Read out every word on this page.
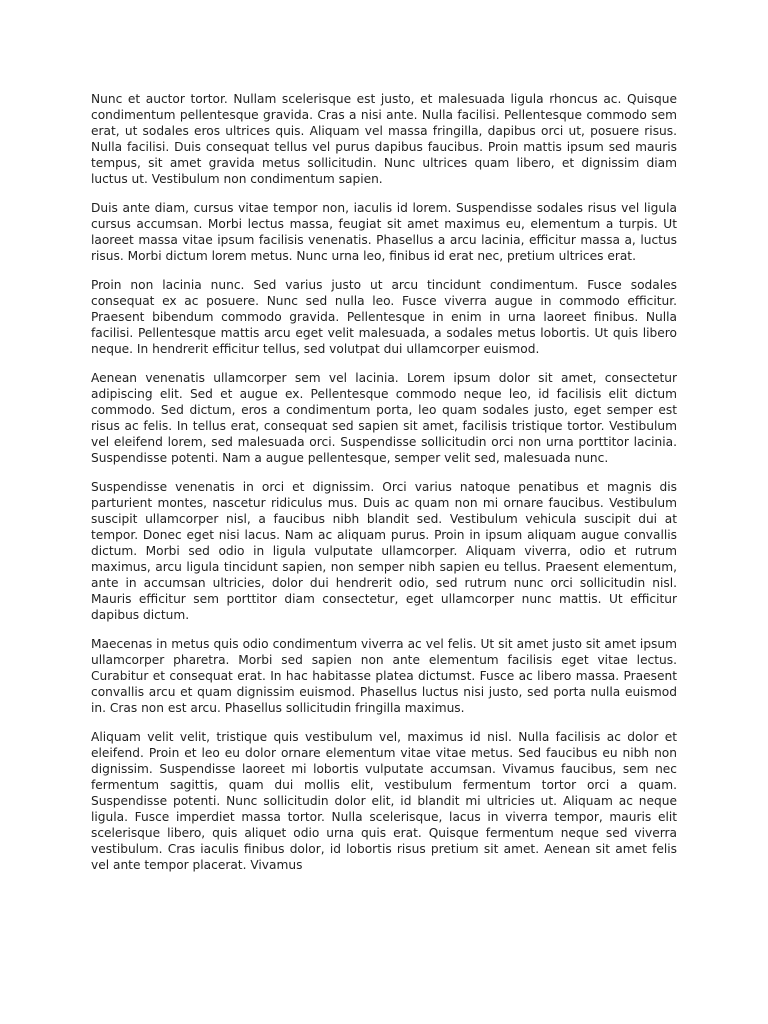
Nunc et auctor tortor. Nullam scelerisque est justo, et malesuada ligula rhoncus ac. Quisque condimentum pellentesque gravida. Cras a nisi ante. Nulla facilisi. Pellentesque commodo sem erat, ut sodales eros ultrices quis. Aliquam vel massa fringilla, dapibus orci ut, posuere risus. Nulla facilisi. Duis consequat tellus vel purus dapibus faucibus. Proin mattis ipsum sed mauris tempus, sit amet gravida metus sollicitudin. Nunc ultrices quam libero, et dignissim diam luctus ut. Vestibulum non condimentum sapien.

Duis ante diam, cursus vitae tempor non, iaculis id lorem. Suspendisse sodales risus vel ligula cursus accumsan. Morbi lectus massa, feugiat sit amet maximus eu, elementum a turpis. Ut laoreet massa vitae ipsum facilisis venenatis. Phasellus a arcu lacinia, efficitur massa a, luctus risus. Morbi dictum lorem metus. Nunc urna leo, finibus id erat nec, pretium ultrices erat.

Proin non lacinia nunc. Sed varius justo ut arcu tincidunt condimentum. Fusce sodales consequat ex ac posuere. Nunc sed nulla leo. Fusce viverra augue in commodo efficitur. Praesent bibendum commodo gravida. Pellentesque in enim in urna laoreet finibus. Nulla facilisi. Pellentesque mattis arcu eget velit malesuada, a sodales metus lobortis. Ut quis libero neque. In hendrerit efficitur tellus, sed volutpat dui ullamcorper euismod.

Aenean venenatis ullamcorper sem vel lacinia. Lorem ipsum dolor sit amet, consectetur adipiscing elit. Sed et augue ex. Pellentesque commodo neque leo, id facilisis elit dictum commodo. Sed dictum, eros a condimentum porta, leo quam sodales justo, eget semper est risus ac felis. In tellus erat, consequat sed sapien sit amet, facilisis tristique tortor. Vestibulum vel eleifend lorem, sed malesuada orci. Suspendisse sollicitudin orci non urna porttitor lacinia. Suspendisse potenti. Nam a augue pellentesque, semper velit sed, malesuada nunc.

Suspendisse venenatis in orci et dignissim. Orci varius natoque penatibus et magnis dis parturient montes, nascetur ridiculus mus. Duis ac quam non mi ornare faucibus. Vestibulum suscipit ullamcorper nisl, a faucibus nibh blandit sed. Vestibulum vehicula suscipit dui at tempor. Donec eget nisi lacus. Nam ac aliquam purus. Proin in ipsum aliquam augue convallis dictum. Morbi sed odio in ligula vulputate ullamcorper. Aliquam viverra, odio et rutrum maximus, arcu ligula tincidunt sapien, non semper nibh sapien eu tellus. Praesent elementum, ante in accumsan ultricies, dolor dui hendrerit odio, sed rutrum nunc orci sollicitudin nisl. Mauris efficitur sem porttitor diam consectetur, eget ullamcorper nunc mattis. Ut efficitur dapibus dictum.

Maecenas in metus quis odio condimentum viverra ac vel felis. Ut sit amet justo sit amet ipsum ullamcorper pharetra. Morbi sed sapien non ante elementum facilisis eget vitae lectus. Curabitur et consequat erat. In hac habitasse platea dictumst. Fusce ac libero massa. Praesent convallis arcu et quam dignissim euismod. Phasellus luctus nisi justo, sed porta nulla euismod in. Cras non est arcu. Phasellus sollicitudin fringilla maximus.

Aliquam velit velit, tristique quis vestibulum vel, maximus id nisl. Nulla facilisis ac dolor et eleifend. Proin et leo eu dolor ornare elementum vitae vitae metus. Sed faucibus eu nibh non dignissim. Suspendisse laoreet mi lobortis vulputate accumsan. Vivamus faucibus, sem nec fermentum sagittis, quam dui mollis elit, vestibulum fermentum tortor orci a quam. Suspendisse potenti. Nunc sollicitudin dolor elit, id blandit mi ultricies ut. Aliquam ac neque ligula. Fusce imperdiet massa tortor. Nulla scelerisque, lacus in viverra tempor, mauris elit scelerisque libero, quis aliquet odio urna quis erat. Quisque fermentum neque sed viverra vestibulum. Cras iaculis finibus dolor, id lobortis risus pretium sit amet. Aenean sit amet felis vel ante tempor placerat. Vivamus
